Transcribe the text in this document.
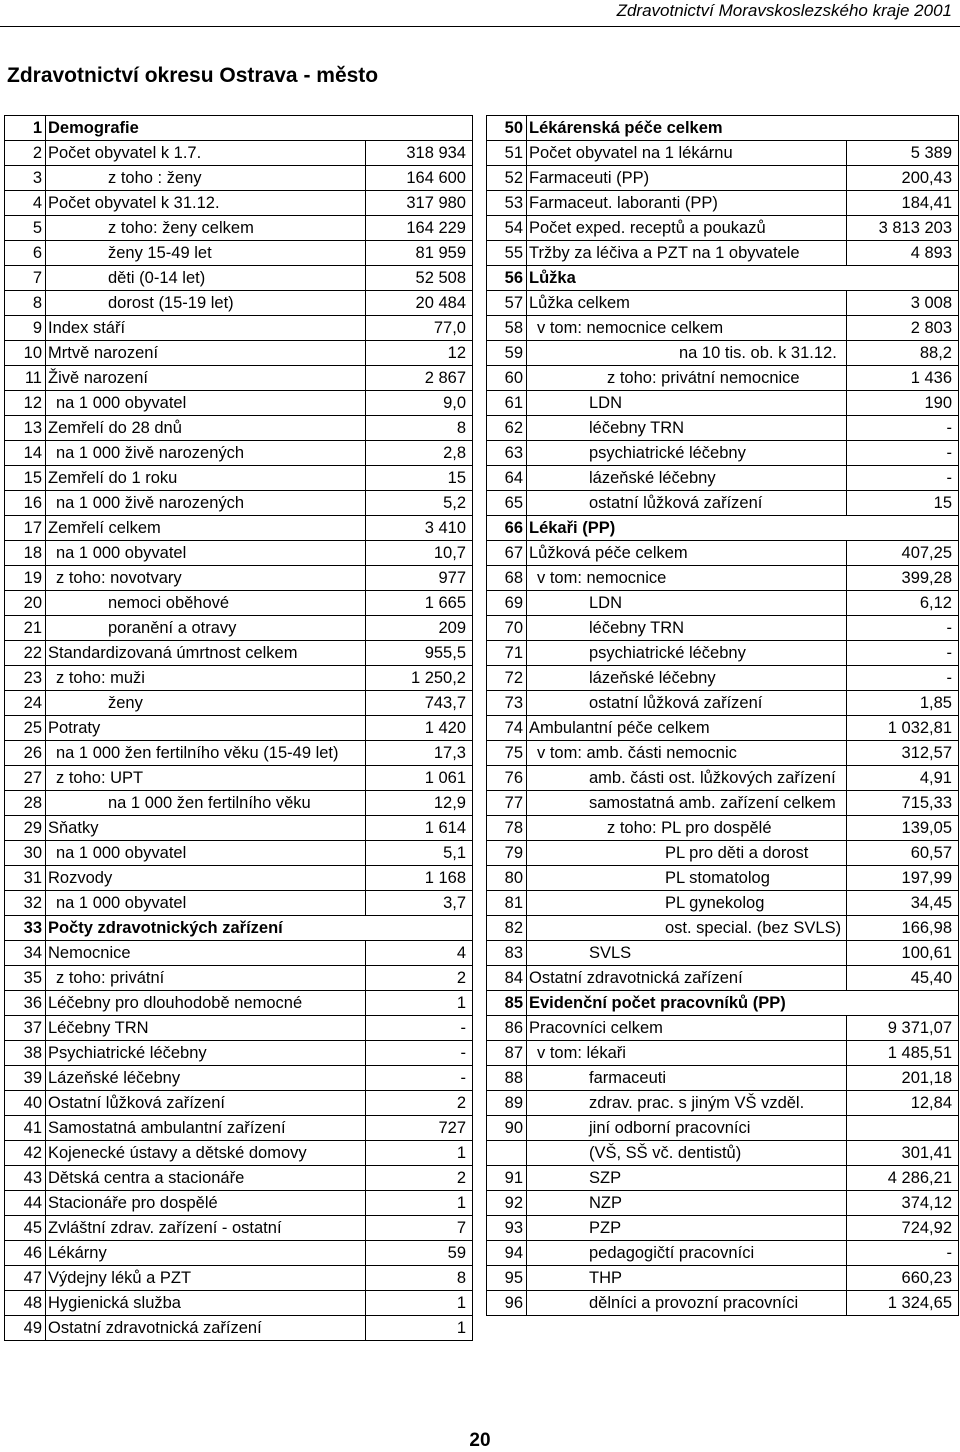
Zdravotnictví Moravskoslezského kraje 2001
Zdravotnictví okresu Ostrava - město
1	Demografie	
2	Počet obyvatel k 1.7.	318 934
3	z toho : ženy	164 600
4	Počet obyvatel k 31.12.	317 980
5	z toho: ženy celkem	164 229
6	ženy 15-49 let	81 959
7	děti (0-14 let)	52 508
8	dorost (15-19 let)	20 484
9	Index stáří	77,0
10	Mrtvě narození	12
11	Živě narození	2 867
12	na 1 000 obyvatel	9,0
13	Zemřelí do 28 dnů	8
14	na 1 000 živě narozených	2,8
15	Zemřelí do 1 roku	15
16	na 1 000 živě narozených	5,2
17	Zemřelí celkem	3 410
18	na 1 000 obyvatel	10,7
19	z toho: novotvary	977
20	nemoci oběhové	1 665
21	poranění a otravy	209
22	Standardizovaná úmrtnost celkem	955,5
23	z toho: muži	1 250,2
24	ženy	743,7
25	Potraty	1 420
26	na 1 000 žen fertilního věku (15-49 let)	17,3
27	z toho: UPT	1 061
28	na 1 000 žen fertilního věku	12,9
29	Sňatky	1 614
30	na 1 000 obyvatel	5,1
31	Rozvody	1 168
32	na 1 000 obyvatel	3,7
33	Počty zdravotnických zařízení	
34	Nemocnice	4
35	z toho: privátní	2
36	Léčebny pro dlouhodobě nemocné	1
37	Léčebny TRN	-
38	Psychiatrické léčebny	-
39	Lázeňské léčebny	-
40	Ostatní lůžková zařízení	2
41	Samostatná ambulantní zařízení	727
42	Kojenecké ústavy a dětské domovy	1
43	Dětská centra a stacionáře	2
44	Stacionáře pro dospělé	1
45	Zvláštní zdrav. zařízení - ostatní	7
46	Lékárny	59
47	Výdejny léků a PZT	8
48	Hygienická služba	1
49	Ostatní zdravotnická zařízení	1
50	Lékárenská péče celkem	
51	Počet obyvatel na 1 lékárnu	5 389
52	Farmaceuti (PP)	200,43
53	Farmaceut. laboranti (PP)	184,41
54	Počet exped. receptů a poukazů	3 813 203
55	Tržby za léčiva a PZT na 1 obyvatele	4 893
56	Lůžka	
57	Lůžka celkem	3 008
58	v tom: nemocnice celkem	2 803
59	na 10 tis. ob. k 31.12.	88,2
60	z toho: privátní nemocnice	1 436
61	LDN	190
62	léčebny TRN	-
63	psychiatrické léčebny	-
64	lázeňské léčebny	-
65	ostatní lůžková zařízení	15
66	Lékaři (PP)	
67	Lůžková péče celkem	407,25
68	v tom: nemocnice	399,28
69	LDN	6,12
70	léčebny TRN	-
71	psychiatrické léčebny	-
72	lázeňské léčebny	-
73	ostatní lůžková zařízení	1,85
74	Ambulantní péče celkem	1 032,81
75	v tom: amb. části nemocnic	312,57
76	amb. části ost. lůžkových zařízení	4,91
77	samostatná amb. zařízení celkem	715,33
78	z toho: PL pro dospělé	139,05
79	PL pro děti a dorost	60,57
80	PL stomatolog	197,99
81	PL gynekolog	34,45
82	ost. special. (bez SVLS)	166,98
83	SVLS	100,61
84	Ostatní zdravotnická zařízení	45,40
85	Evidenční počet pracovníků (PP)	
86	Pracovníci celkem	9 371,07
87	v tom: lékaři	1 485,51
88	farmaceuti	201,18
89	zdrav. prac. s jiným VŠ vzděl.	12,84
90	jiní odborní pracovníci	
	(VŠ, SŠ vč. dentistů)	301,41
91	SZP	4 286,21
92	NZP	374,12
93	PZP	724,92
94	pedagogičtí pracovníci	-
95	THP	660,23
96	dělníci a provozní pracovníci	1 324,65
20
